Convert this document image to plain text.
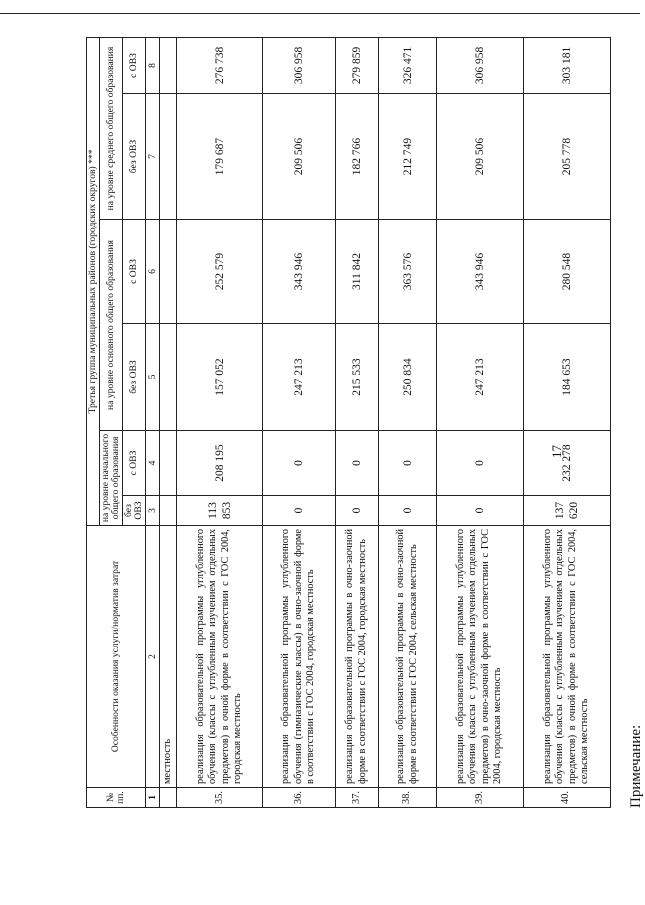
№ пп.	Особенности оказания услуги/норматив затрат	Третья группа муниципальных районов (городских округов) ***					
		на уровне начального общего образования		на уровне основного общего образования		на уровне среднего общего образования	
		без ОВЗ	с ОВЗ	без ОВЗ	с ОВЗ	без ОВЗ	с ОВЗ
1	2	3	4	5	6	7	8
	местность						
35.	реализация образовательной программы углубленного обучения (классы с углубленным изучением отдельных предметов) в очной форме в соответствии с ГОС 2004, городская местность	113 853	208 195	157 052	252 579	179 687	276 738
36.	реализация образовательной программы углубленного обучения (гимназические классы) в очно-заочной форме в соответствии с ГОС 2004, городская местность	0	0	247 213	343 946	209 506	306 958
37.	реализация образовательной программы в очно-заочной форме в соответствии с ГОС 2004, городская местность	0	0	215 533	311 842	182 766	279 859
38.	реализация образовательной программы в очно-заочной форме в соответствии с ГОС 2004, сельская местность	0	0	250 834	363 576	212 749	326 471
39.	реализация образовательной программы углубленного обучения (классы с углубленным изучением отдельных предметов) в очно-заочной форме в соответствии с ГОС 2004, городская местность	0	0	247 213	343 946	209 506	306 958
40.	реализация образовательной программы углубленного обучения (классы с углубленным изучением отдельных предметов) в очной форме в соответствии с ГОС 2004, сельская местность	137 620	232 278	184 653	280 548	205 778	303 181
17
Примечание:
